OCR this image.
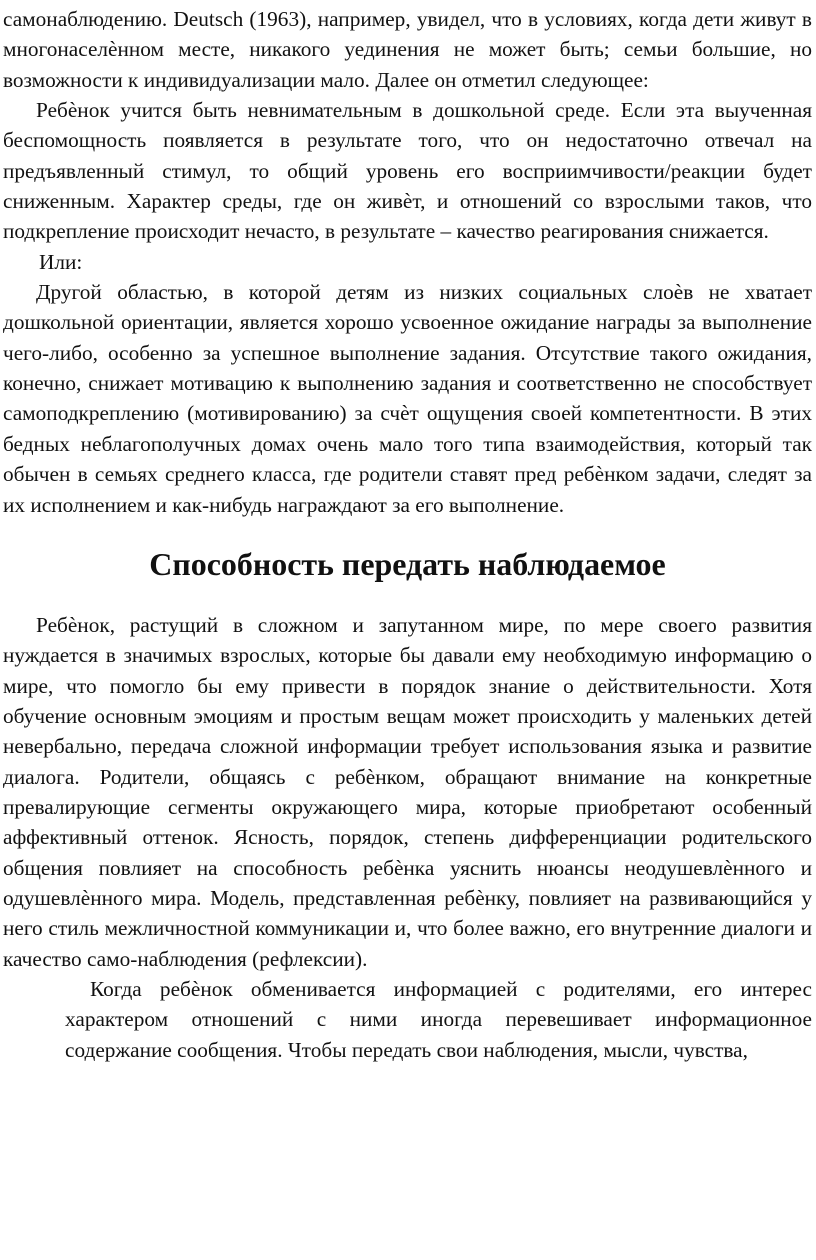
самонаблюдению. Deutsch (1963), например, увидел, что в условиях, когда дети живут в многонаселѐнном месте, никакого уединения не может быть; семьи большие, но возможности к индивидуализации мало. Далее он отметил следующее:

Ребѐнок учится быть невнимательным в дошкольной среде. Если эта выученная беспомощность появляется в результате того, что он недостаточно отвечал на предъявленный стимул, то общий уровень его восприимчивости/реакции будет сниженным. Характер среды, где он живѐт, и отношений со взрослыми таков, что подкрепление происходит нечасто, в результате – качество реагирования снижается.

Или:

Другой областью, в которой детям из низких социальных слоѐв не хватает дошкольной ориентации, является хорошо усвоенное ожидание награды за выполнение чего-либо, особенно за успешное выполнение задания. Отсутствие такого ожидания, конечно, снижает мотивацию к выполнению задания и соответственно не способствует самоподкреплению (мотивированию) за счѐт ощущения своей компетентности. В этих бедных неблагополучных домах очень мало того типа взаимодействия, который так обычен в семьях среднего класса, где родители ставят пред ребѐнком задачи, следят за их исполнением и как-нибудь награждают за его выполнение.

Способность передать наблюдаемое

Ребѐнок, растущий в сложном и запутанном мире, по мере своего развития нуждается в значимых взрослых, которые бы давали ему необходимую информацию о мире, что помогло бы ему привести в порядок знание о действительности. Хотя обучение основным эмоциям и простым вещам может происходить у маленьких детей невербально, передача сложной информации требует использования языка и развитие диалога. Родители, общаясь с ребѐнком, обращают внимание на конкретные превалирующие сегменты окружающего мира, которые приобретают особенный аффективный оттенок. Ясность, порядок, степень дифференциации родительского общения повлияет на способность ребѐнка уяснить нюансы неодушевлѐнного и одушевлѐнного мира. Модель, представленная ребѐнку, повлияет на развивающийся у него стиль межличностной коммуникации и, что более важно, его внутренние диалоги и качество само-наблюдения (рефлексии).

Когда ребѐнок обменивается информацией с родителями, его интерес характером отношений с ними иногда перевешивает информационное содержание сообщения. Чтобы передать свои наблюдения, мысли, чувства,
